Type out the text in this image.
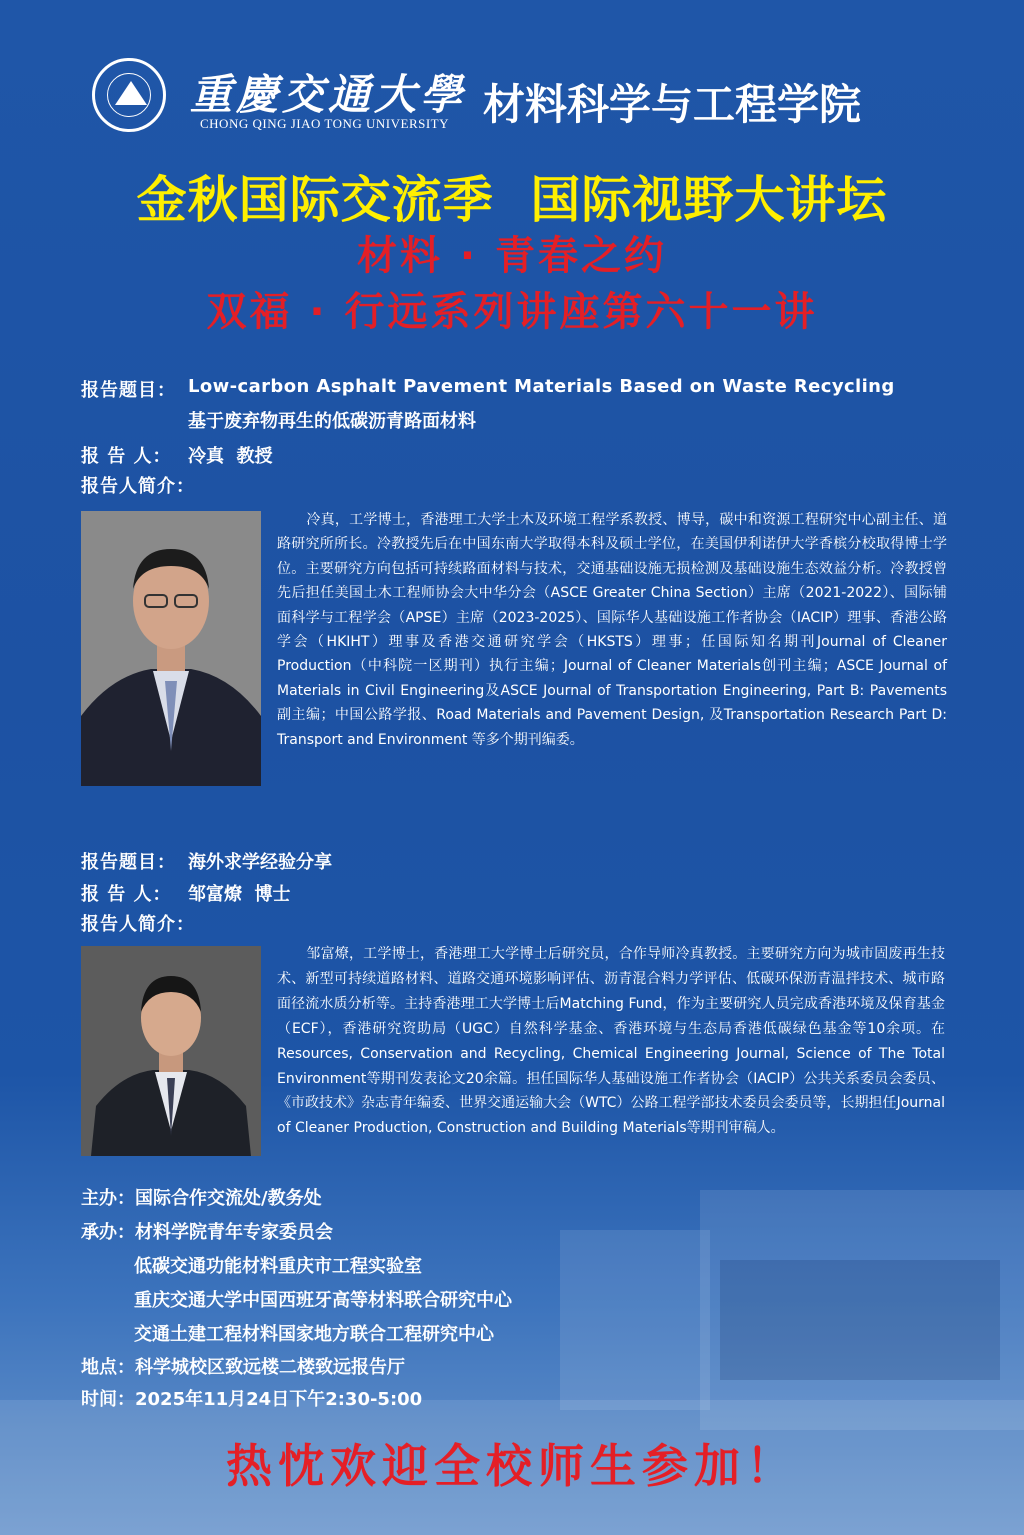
重慶交通大學
CHONG QING JIAO TONG UNIVERSITY 材料科学与工程学院
金秋国际交流季  国际视野大讲坛
材料 · 青春之约
双福 · 行远系列讲座第六十一讲
报告题目： Low-carbon Asphalt Pavement Materials Based on Waste Recycling
基于废弃物再生的低碳沥青路面材料
报 告 人： 冷真  教授
报告人简介：
冷真，工学博士，香港理工大学土木及环境工程学系教授、博导，碳中和资源工程研究中心副主任、道路研究所所长。冷教授先后在中国东南大学取得本科及硕士学位，在美国伊利诺伊大学香槟分校取得博士学位。主要研究方向包括可持续路面材料与技术，交通基础设施无损检测及基础设施生态效益分析。冷教授曾先后担任美国土木工程师协会大中华分会（ASCE Greater China Section）主席（2021-2022）、国际铺面科学与工程学会（APSE）主席（2023-2025）、国际华人基础设施工作者协会（IACIP）理事、香港公路学会（HKIHT）理事及香港交通研究学会（HKSTS）理事；任国际知名期刊Journal of Cleaner Production（中科院一区期刊）执行主编；Journal of Cleaner Materials创刊主编；ASCE Journal of Materials in Civil Engineering及ASCE Journal of Transportation Engineering, Part B: Pavements副主编；中国公路学报、Road Materials and Pavement Design, 及Transportation Research Part D: Transport and Environment 等多个期刊编委。
报告题目： 海外求学经验分享
报 告 人： 邹富燎  博士
报告人简介：
邹富燎，工学博士，香港理工大学博士后研究员，合作导师冷真教授。主要研究方向为城市固废再生技术、新型可持续道路材料、道路交通环境影响评估、沥青混合料力学评估、低碳环保沥青温拌技术、城市路面径流水质分析等。主持香港理工大学博士后Matching Fund，作为主要研究人员完成香港环境及保育基金（ECF），香港研究资助局（UGC）自然科学基金、香港环境与生态局香港低碳绿色基金等10余项。在Resources, Conservation and Recycling, Chemical Engineering Journal, Science of The Total Environment等期刊发表论文20余篇。担任国际华人基础设施工作者协会（IACIP）公共关系委员会委员、《市政技术》杂志青年编委、世界交通运输大会（WTC）公路工程学部技术委员会委员等，长期担任Journal of Cleaner Production, Construction and Building Materials等期刊审稿人。
主办：国际合作交流处/教务处
承办：材料学院青年专家委员会
低碳交通功能材料重庆市工程实验室
重庆交通大学中国西班牙高等材料联合研究中心
交通土建工程材料国家地方联合工程研究中心
地点：科学城校区致远楼二楼致远报告厅
时间：2025年11月24日下午2:30-5:00
热忱欢迎全校师生参加！
